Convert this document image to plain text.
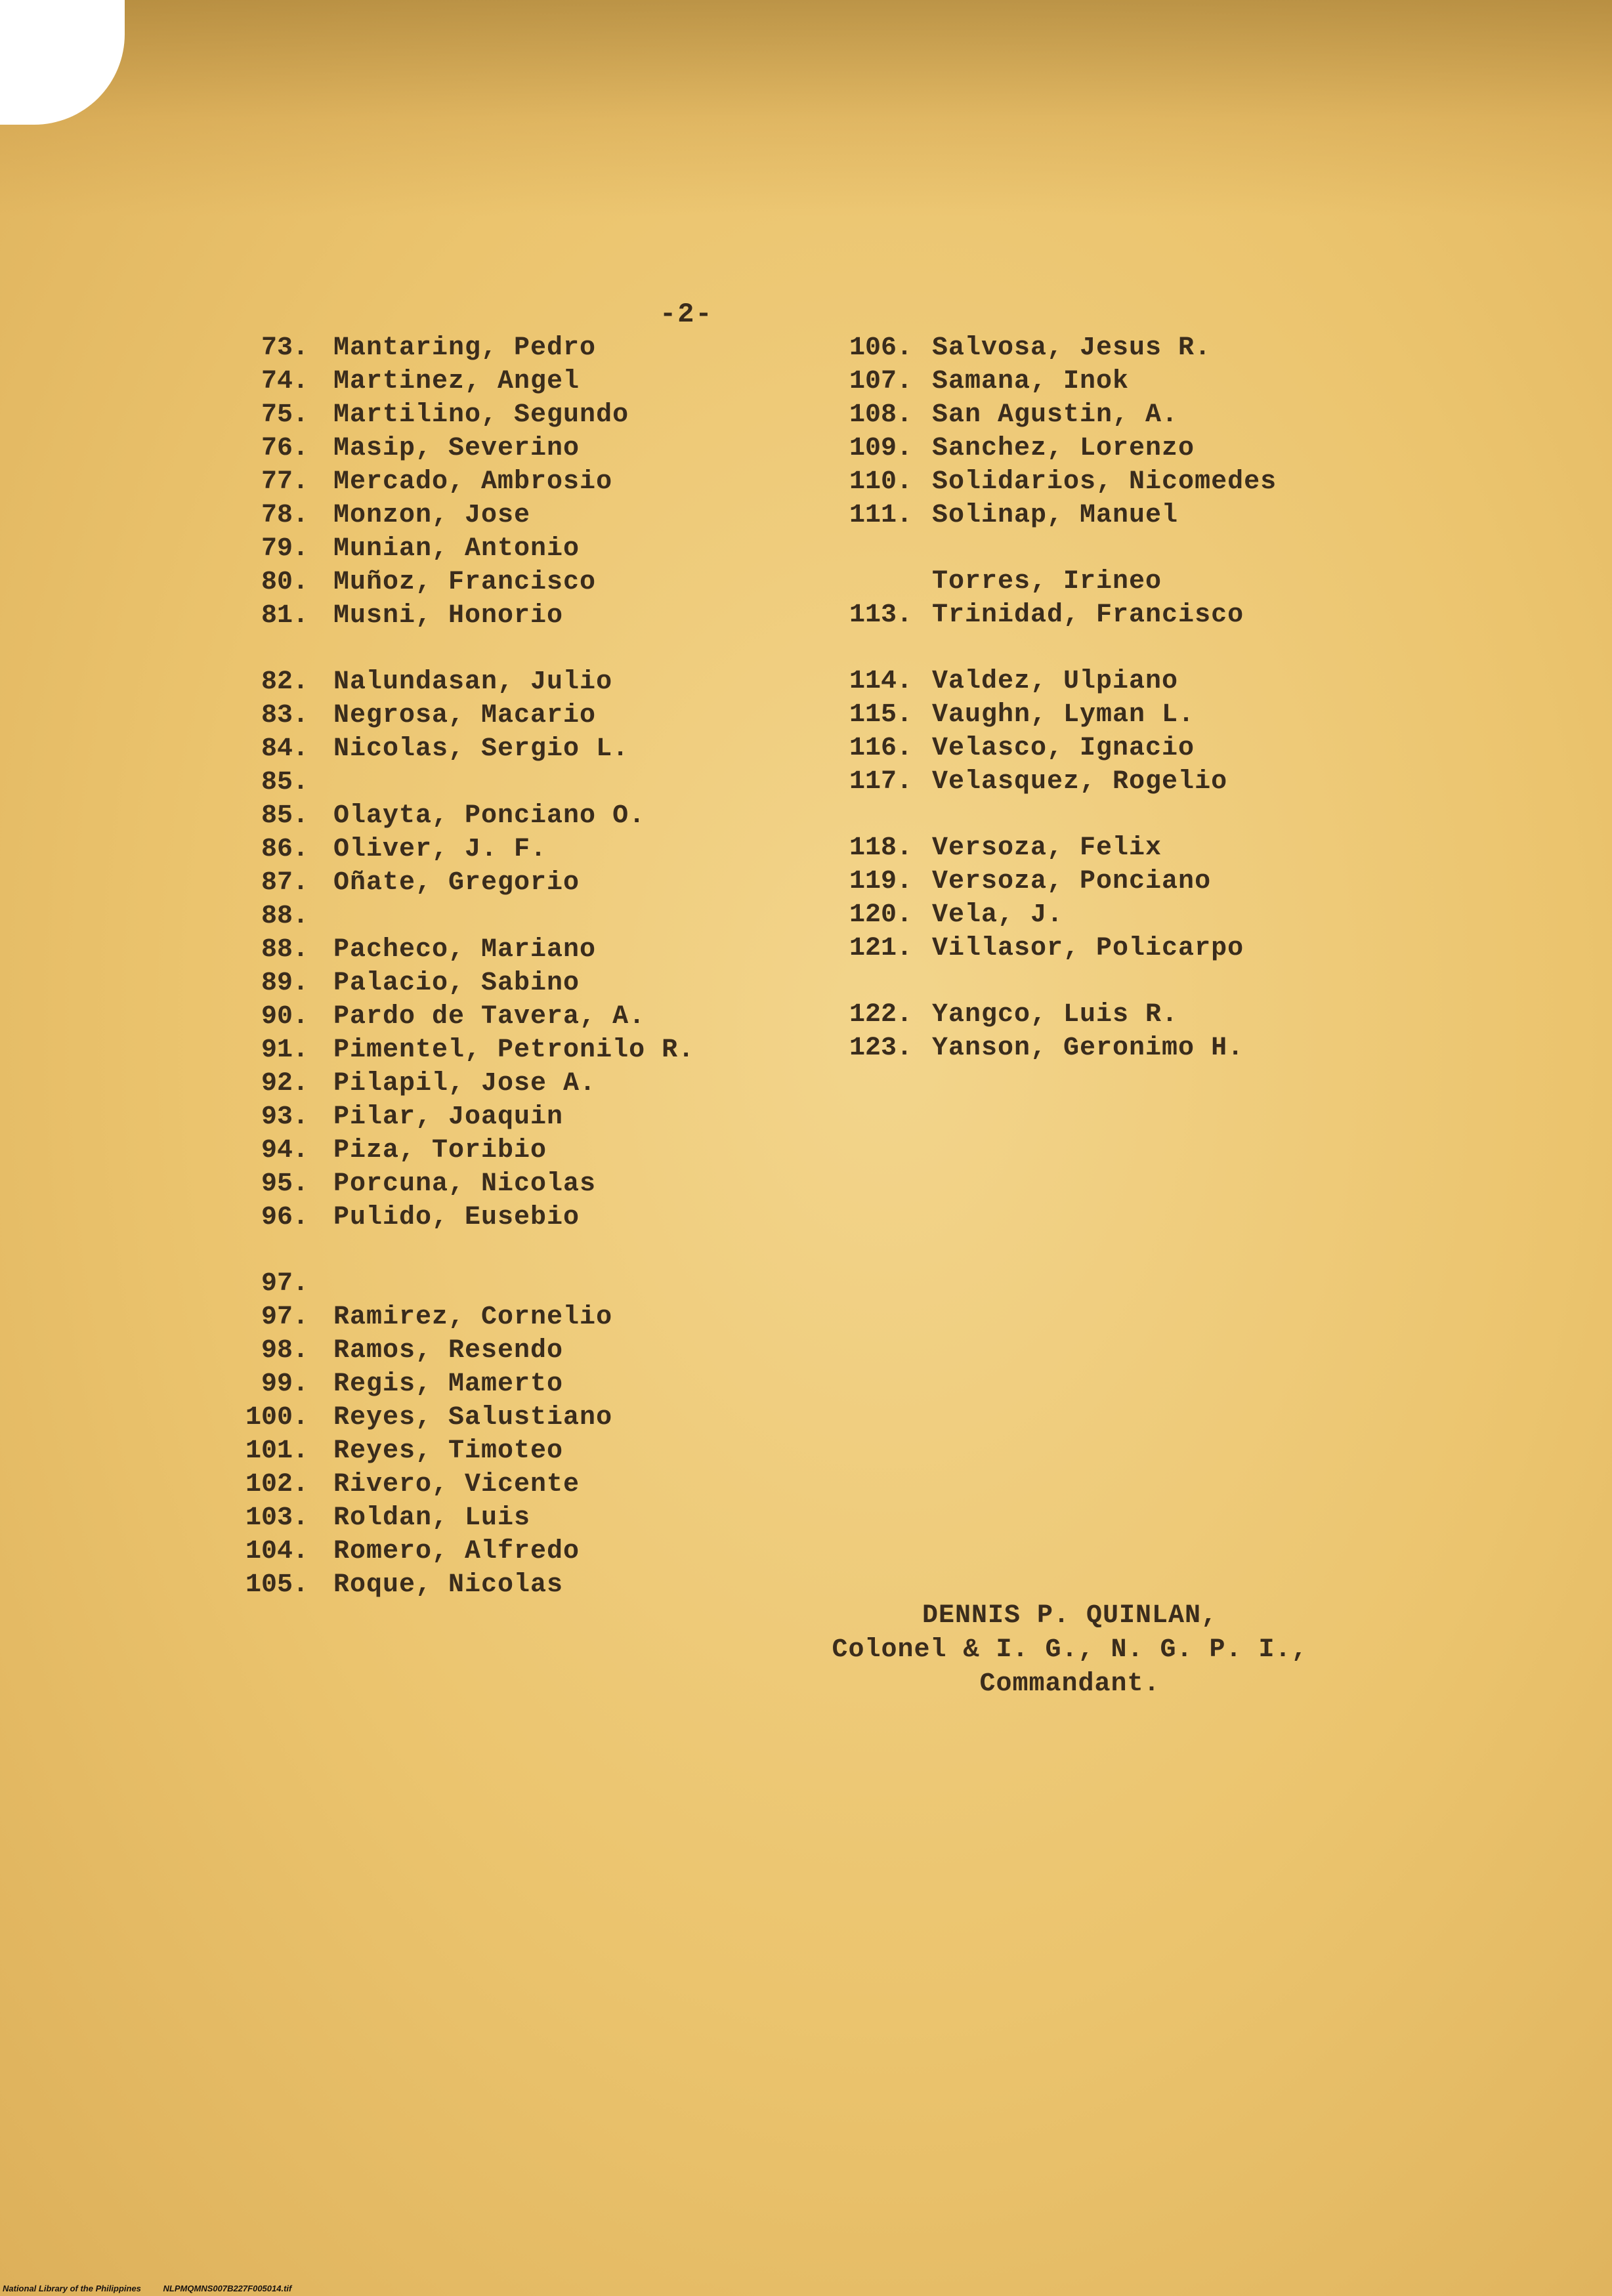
-2-
73. Mantaring, Pedro
74. Martinez, Angel
75. Martilino, Segundo
76. Masip, Severino
77. Mercado, Ambrosio
78. Monzon, Jose
79. Munian, Antonio
80. Muñoz, Francisco
81. Musni, Honorio
82. Nalundasan, Julio
83. Negrosa, Macario
84. Nicolas, Sergio L.
85.
85. Olayta, Ponciano O.
86. Oliver, J. F.
87. Oñate, Gregorio
88.
88. Pacheco, Mariano
89. Palacio, Sabino
90. Pardo de Tavera, A.
91. Pimentel, Petronilo R.
92. Pilapil, Jose A.
93. Pilar, Joaquin
94. Piza, Toribio
95. Porcuna, Nicolas
96. Pulido, Eusebio
97.
97. Ramirez, Cornelio
98. Ramos, Resendo
99. Regis, Mamerto
100. Reyes, Salustiano
101. Reyes, Timoteo
102. Rivero, Vicente
103. Roldan, Luis
104. Romero, Alfredo
105. Roque, Nicolas
106. Salvosa, Jesus R.
107. Samana, Inok
108. San Agustin, A.
109. Sanchez, Lorenzo
110. Solidarios, Nicomedes
111. Solinap, Manuel
Torres, Irineo
113. Trinidad, Francisco
114. Valdez, Ulpiano
115. Vaughn, Lyman L.
116. Velasco, Ignacio
117. Velasquez, Rogelio
118. Versoza, Felix
119. Versoza, Ponciano
120. Vela, J.
121. Villasor, Policarpo
122. Yangco, Luis R.
123. Yanson, Geronimo H.
DENNIS P. QUINLAN,
Colonel & I. G., N. G. P. I.,
Commandant.
National Library of the Philippines	NLPMQMNS007B227F005014.tif
